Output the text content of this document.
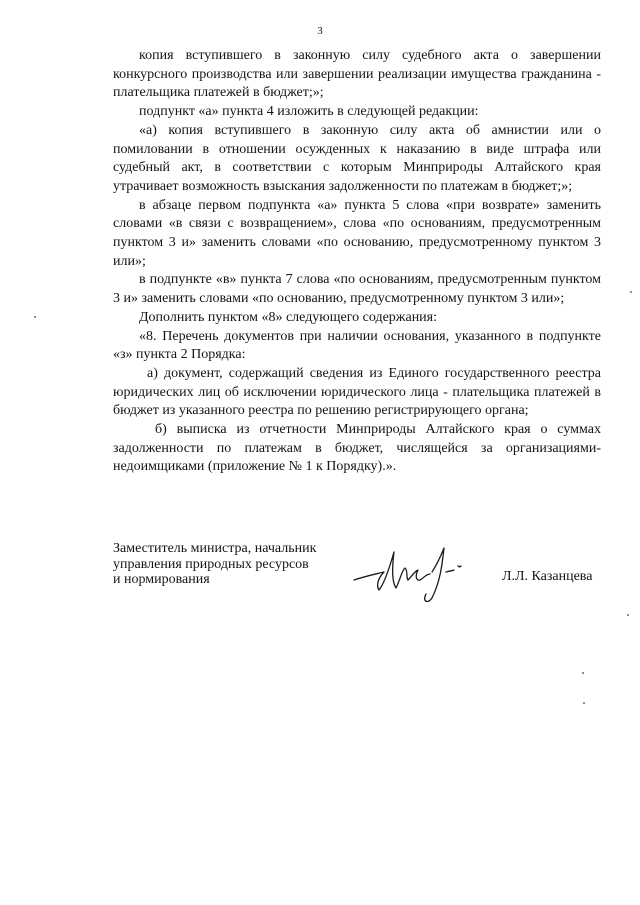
3

копия вступившего в законную силу судебного акта о завершении конкурсного производства или завершении реализации имущества гражданина - плательщика платежей в бюджет;»;

подпункт «а» пункта 4 изложить в следующей редакции:

«а) копия вступившего в законную силу акта об амнистии или о помиловании в отношении осужденных к наказанию в виде штрафа или судебный акт, в соответствии с которым Минприроды Алтайского края утрачивает возможность взыскания задолженности по платежам в бюджет;»;

в абзаце первом подпункта «а» пункта 5 слова «при возврате» заменить словами «в связи с возвращением», слова «по основаниям, предусмотренным пунктом 3 и» заменить словами «по основанию, предусмотренному пунктом 3 или»;

в подпункте «в» пункта 7 слова «по основаниям, предусмотренным пунктом 3 и» заменить словами «по основанию, предусмотренному пунктом 3 или»;

Дополнить пунктом «8» следующего содержания:

«8. Перечень документов при наличии основания, указанного в подпункте «з» пункта 2 Порядка:

а) документ, содержащий сведения из Единого государственного реестра юридических лиц об исключении юридического лица - плательщика платежей в бюджет из указанного реестра по решению регистрирующего органа;

б) выписка из отчетности Минприроды Алтайского края о суммах задолженности по платежам в бюджет, числящейся за организациями-недоимщиками (приложение № 1 к Порядку).».

Заместитель министра, начальник
управления природных ресурсов
и нормирования	Л.Л. Казанцева
